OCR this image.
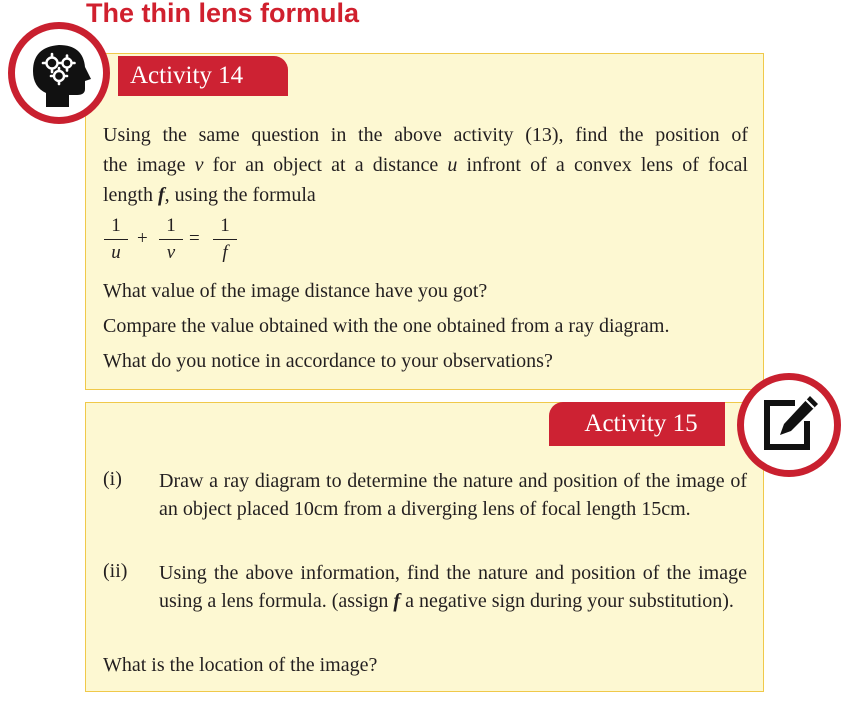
The thin lens formula
Activity 14

Using the same question in the above activity (13), find the position of

the image v for an object at a distance u infront of a convex lens of focal

length f, using the formula

1
u
+
1
v
=
1
f

What value of the image distance have you got?

Compare the value obtained with the one obtained from a ray diagram.

What do you notice in accordance to your observations?

Activity 15
(i) Draw a ray diagram to determine the nature and position of the image of an object placed 10cm from a diverging lens of focal length 15cm.

(ii) Using the above information, find the nature and position of the image using a lens formula. (assign f a negative sign during your substitution).

What is the location of the image?
